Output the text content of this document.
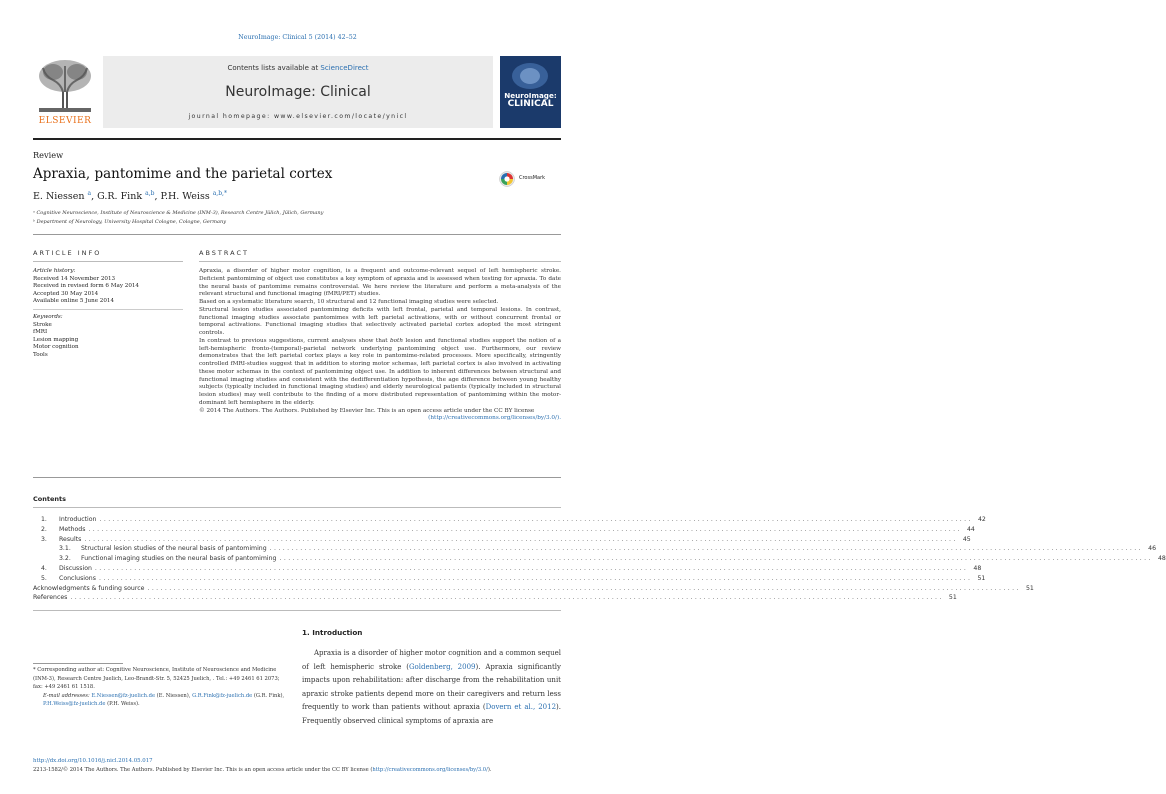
NeuroImage: Clinical 5 (2014) 42–52
ELSEVIER
Contents lists available at ScienceDirect
NeuroImage: Clinical
journal homepage: www.elsevier.com/locate/ynicl
NeuroImage:
CLINICAL
Review
Apraxia, pantomime and the parietal cortex
E. Niessen $^a$, G.R. Fink $^{a,b}$, P.H. Weiss $^{a,b,*}$
CrossMark
ᵃ Cognitive Neuroscience, Institute of Neuroscience & Medicine (INM-3), Research Centre Jülich, Jülich, Germany
ᵇ Department of Neurology, University Hospital Cologne, Cologne, Germany
ARTICLE INFO	ABSTRACT
Article history:
Received 14 November 2013
Received in revised form 6 May 2014
Accepted 30 May 2014
Available online 5 June 2014
Keywords:
Stroke
fMRI
Lesion mapping
Motor cognition
Tools

Apraxia, a disorder of higher motor cognition, is a frequent and outcome-relevant sequel of left hemispheric stroke. Deficient pantomiming of object use constitutes a key symptom of apraxia and is assessed when testing for apraxia. To date the neural basis of pantomime remains controversial. We here review the literature and perform a meta-analysis of the relevant structural and functional imaging (fMRI/PET) studies.

Based on a systematic literature search, 10 structural and 12 functional imaging studies were selected.

Structural lesion studies associated pantomiming deficits with left frontal, parietal and temporal lesions. In contrast, functional imaging studies associate pantomimes with left parietal activations, with or without concurrent frontal or temporal activations. Functional imaging studies that selectively activated parietal cortex adopted the most stringent controls.

In contrast to previous suggestions, current analyses show that both lesion and functional studies support the notion of a left-hemispheric fronto-(temporal)-parietal network underlying pantomiming object use. Furthermore, our review demonstrates that the left parietal cortex plays a key role in pantomime-related processes. More specifically, stringently controlled fMRI-studies suggest that in addition to storing motor schemas, left parietal cortex is also involved in activating these motor schemas in the context of pantomiming object use. In addition to inherent differences between structural and functional imaging studies and consistent with the dedifferentiation hypothesis, the age difference between young healthy subjects (typically included in functional imaging studies) and elderly neurological patients (typically included in structural lesion studies) may well contribute to the finding of a more distributed representation of pantomiming within the motor-dominant left hemisphere in the elderly.

© 2014 The Authors. The Authors. Published by Elsevier Inc. This is an open access article under the CC BY license

(http://creativecommons.org/licenses/by/3.0/).

Contents
1.	Introduction ........................................................................................................................................................................................................ 42
2.	Methods ........................................................................................................................................................................................................ 44
3.	Results ........................................................................................................................................................................................................ 45
3.1.	Structural lesion studies of the neural basis of pantomiming ........................................................................................................................................................................................................ 46
3.2.	Functional imaging studies on the neural basis of pantomiming ........................................................................................................................................................................................................ 48
4.	Discussion ........................................................................................................................................................................................................ 48
5.	Conclusions ........................................................................................................................................................................................................ 51
Acknowledgments & funding source ........................................................................................................................................................................................................ 51
References ........................................................................................................................................................................................................ 51
1. Introduction
Apraxia is a disorder of higher motor cognition and a common sequel of left hemispheric stroke (Goldenberg, 2009). Apraxia significantly impacts upon rehabilitation: after discharge from the rehabilitation unit apraxic stroke patients depend more on their caregivers and return less frequently to work than patients without apraxia (Dovern et al., 2012). Frequently observed clinical symptoms of apraxia are
* Corresponding author at: Cognitive Neuroscience, Institute of Neuroscience and Medicine (INM-3), Research Centre Juelich, Leo-Brandt-Str. 5, 52425 Juelich, . Tel.: +49 2461 61 2073; fax: +49 2461 61 1518.
E-mail addresses: E.Niessen@fz-juelich.de (E. Niessen), G.R.Fink@fz-juelich.de (G.R. Fink), P.H.Weiss@fz-juelich.de (P.H. Weiss).
http://dx.doi.org/10.1016/j.nicl.2014.05.017
2213-1582/© 2014 The Authors. The Authors. Published by Elsevier Inc. This is an open access article under the CC BY license (http://creativecommons.org/licenses/by/3.0/).
